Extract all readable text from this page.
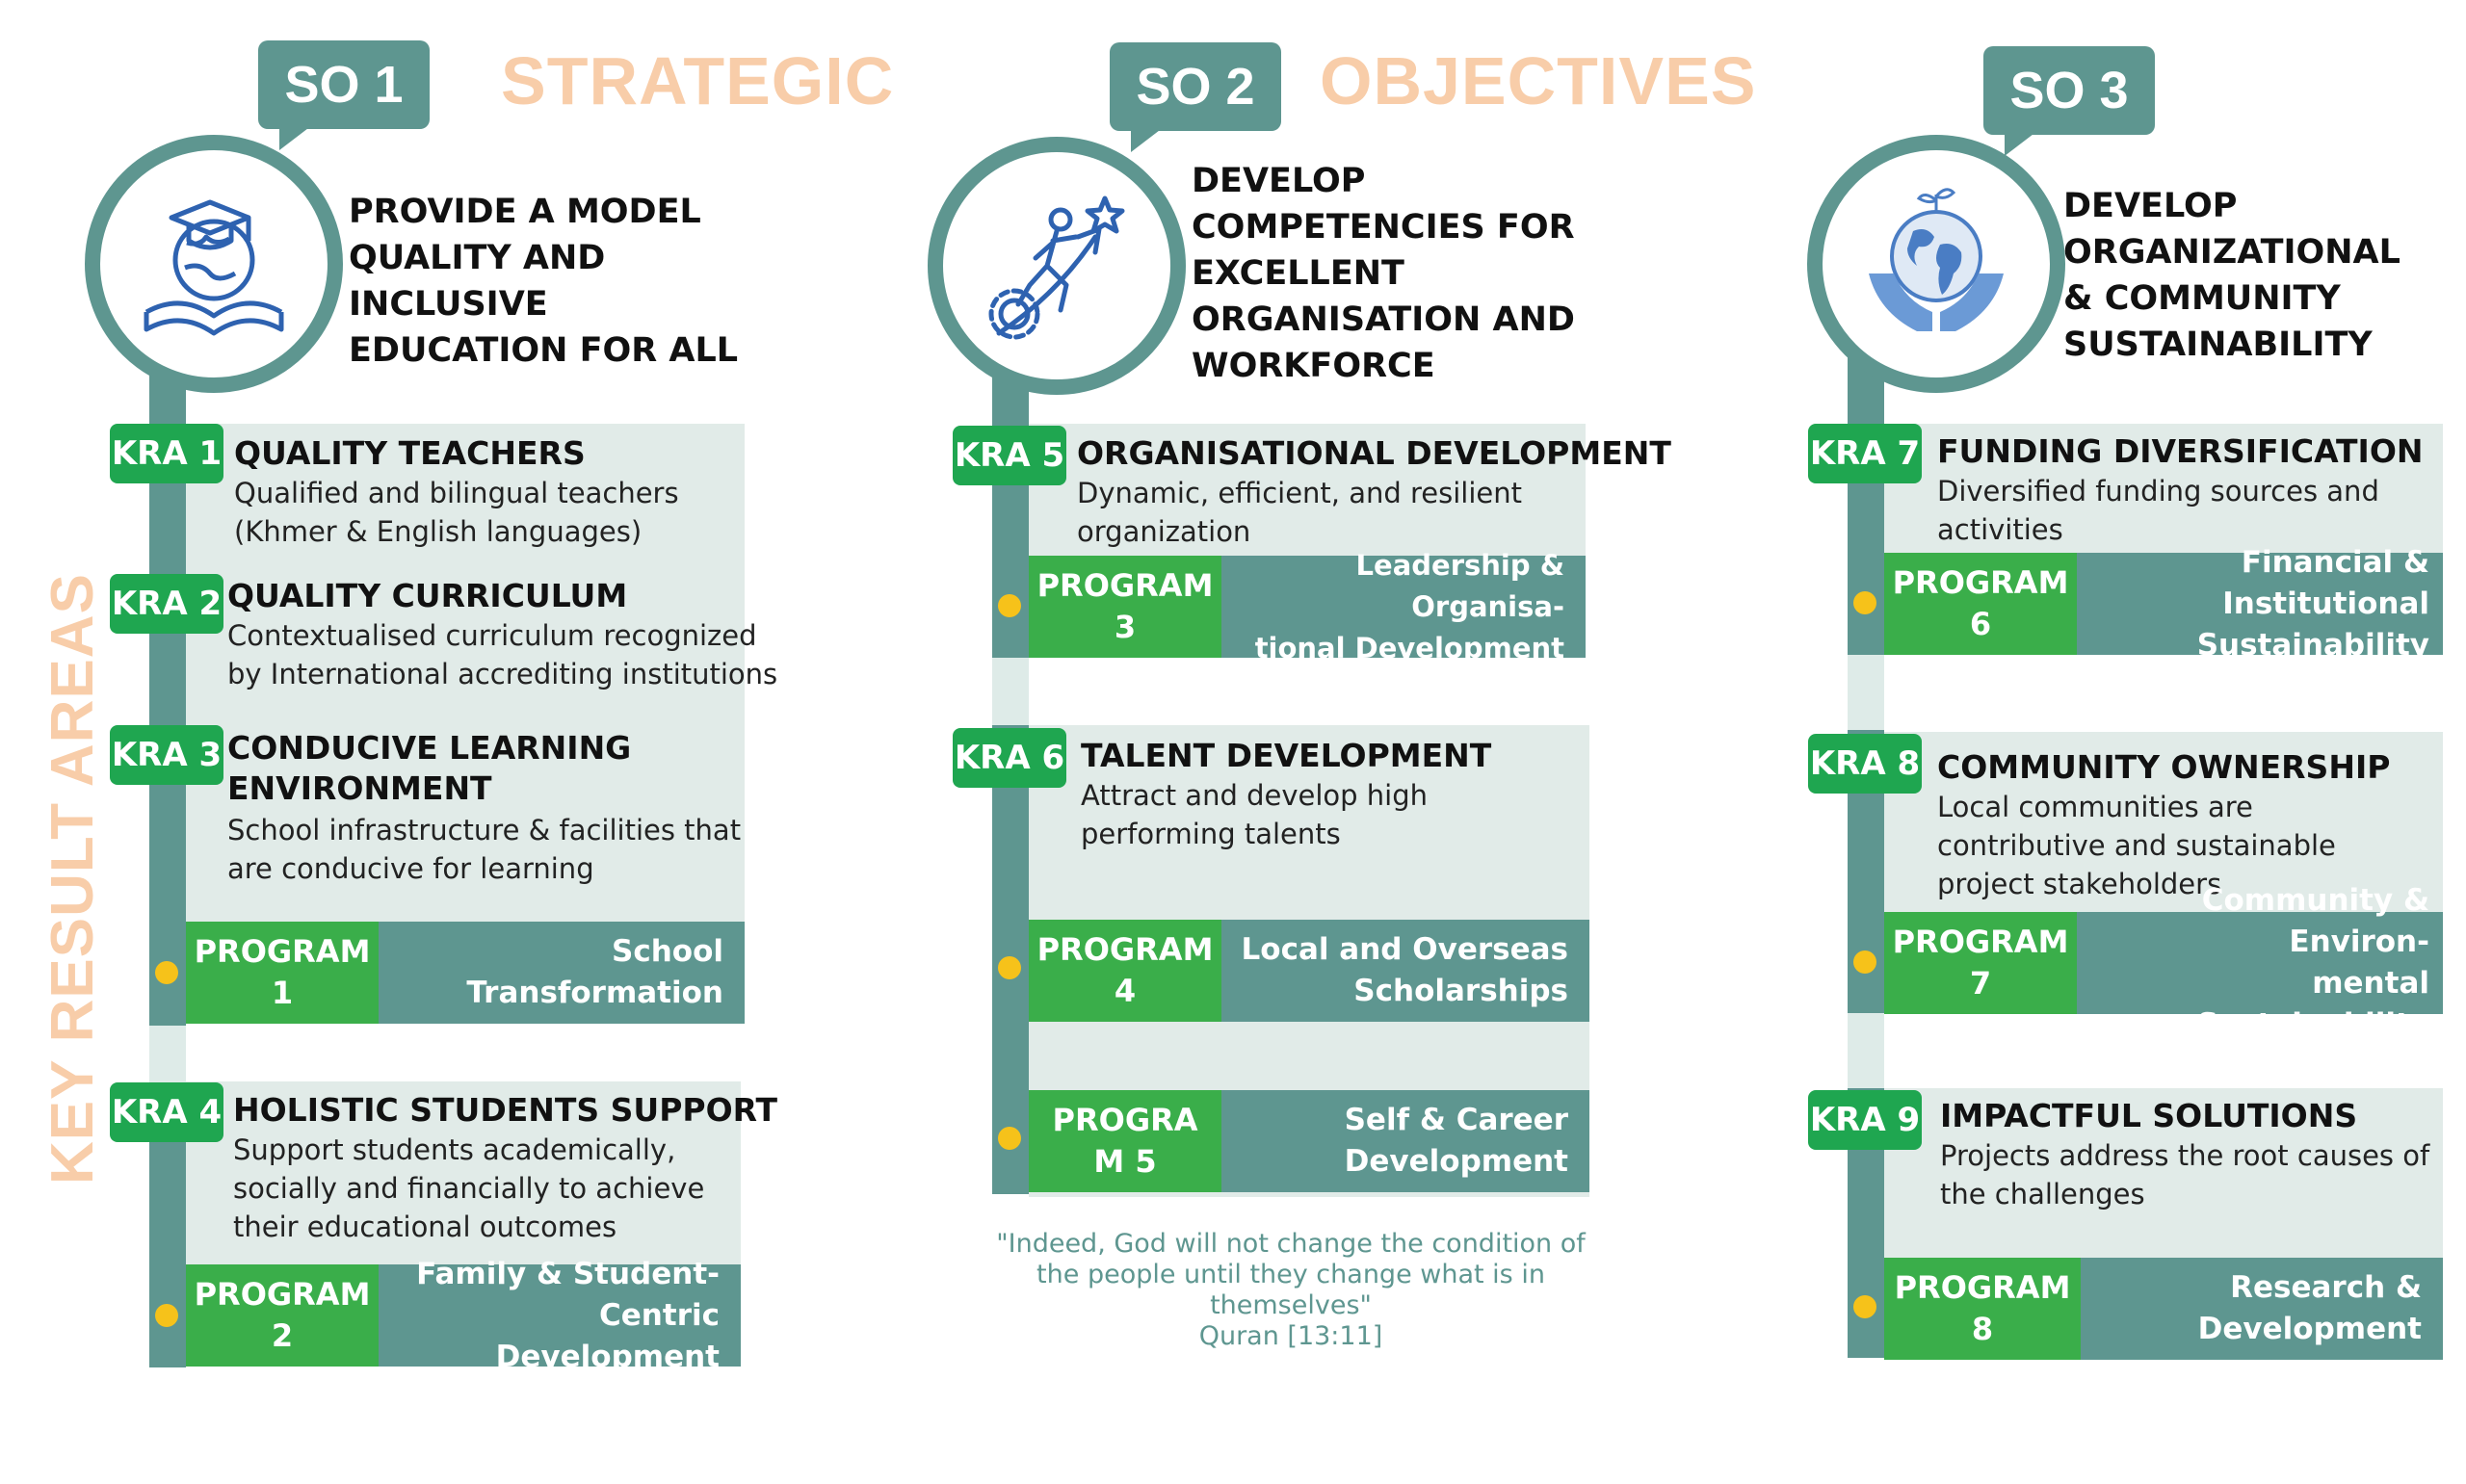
KEY RESULT AREAS
STRATEGIC	OBJECTIVES
SO 1
PROVIDE A MODEL
QUALITY AND
INCLUSIVE
EDUCATION FOR ALL
KRA 1 QUALITY TEACHERS
Qualified and bilingual teachers
(Khmer & English languages)
KRA 2 QUALITY CURRICULUM
Contextualised curriculum recognized
by International accrediting institutions
KRA 3 CONDUCIVE LEARNING
ENVIRONMENT
School infrastructure & facilities that
are conducive for learning
PROGRAM
1
School
Transformation
KRA 4 HOLISTIC STUDENTS SUPPORT
Support students academically,
socially and financially to achieve
their educational outcomes
PROGRAM
2
Family & Student-
Centric Development
SO 2
DEVELOP
COMPETENCIES FOR
EXCELLENT
ORGANISATION AND
WORKFORCE
KRA 5 ORGANISATIONAL DEVELOPMENT
Dynamic, efficient, and resilient
organization
PROGRAM
3
Leadership & Organisa-
tional Development
KRA 6 TALENT DEVELOPMENT
Attract and develop high
performing talents
PROGRAM
4
Local and Overseas
Scholarships
PROGRA
M 5
Self & Career
Development
"Indeed, God will not change the condition of
the people until they change what is in
themselves"
Quran [13:11]
SO 3
DEVELOP
ORGANIZATIONAL
& COMMUNITY
SUSTAINABILITY
KRA 7 FUNDING DIVERSIFICATION
Diversified funding sources and
activities
PROGRAM
6
Financial & Institutional
Sustainability
KRA 8 COMMUNITY OWNERSHIP
Local communities are
contributive and sustainable
project stakeholders
PROGRAM
7
Community & Environ-
mental Sustainability
KRA 9 IMPACTFUL SOLUTIONS
Projects address the root causes of
the challenges
PROGRAM
8
Research &
Development
